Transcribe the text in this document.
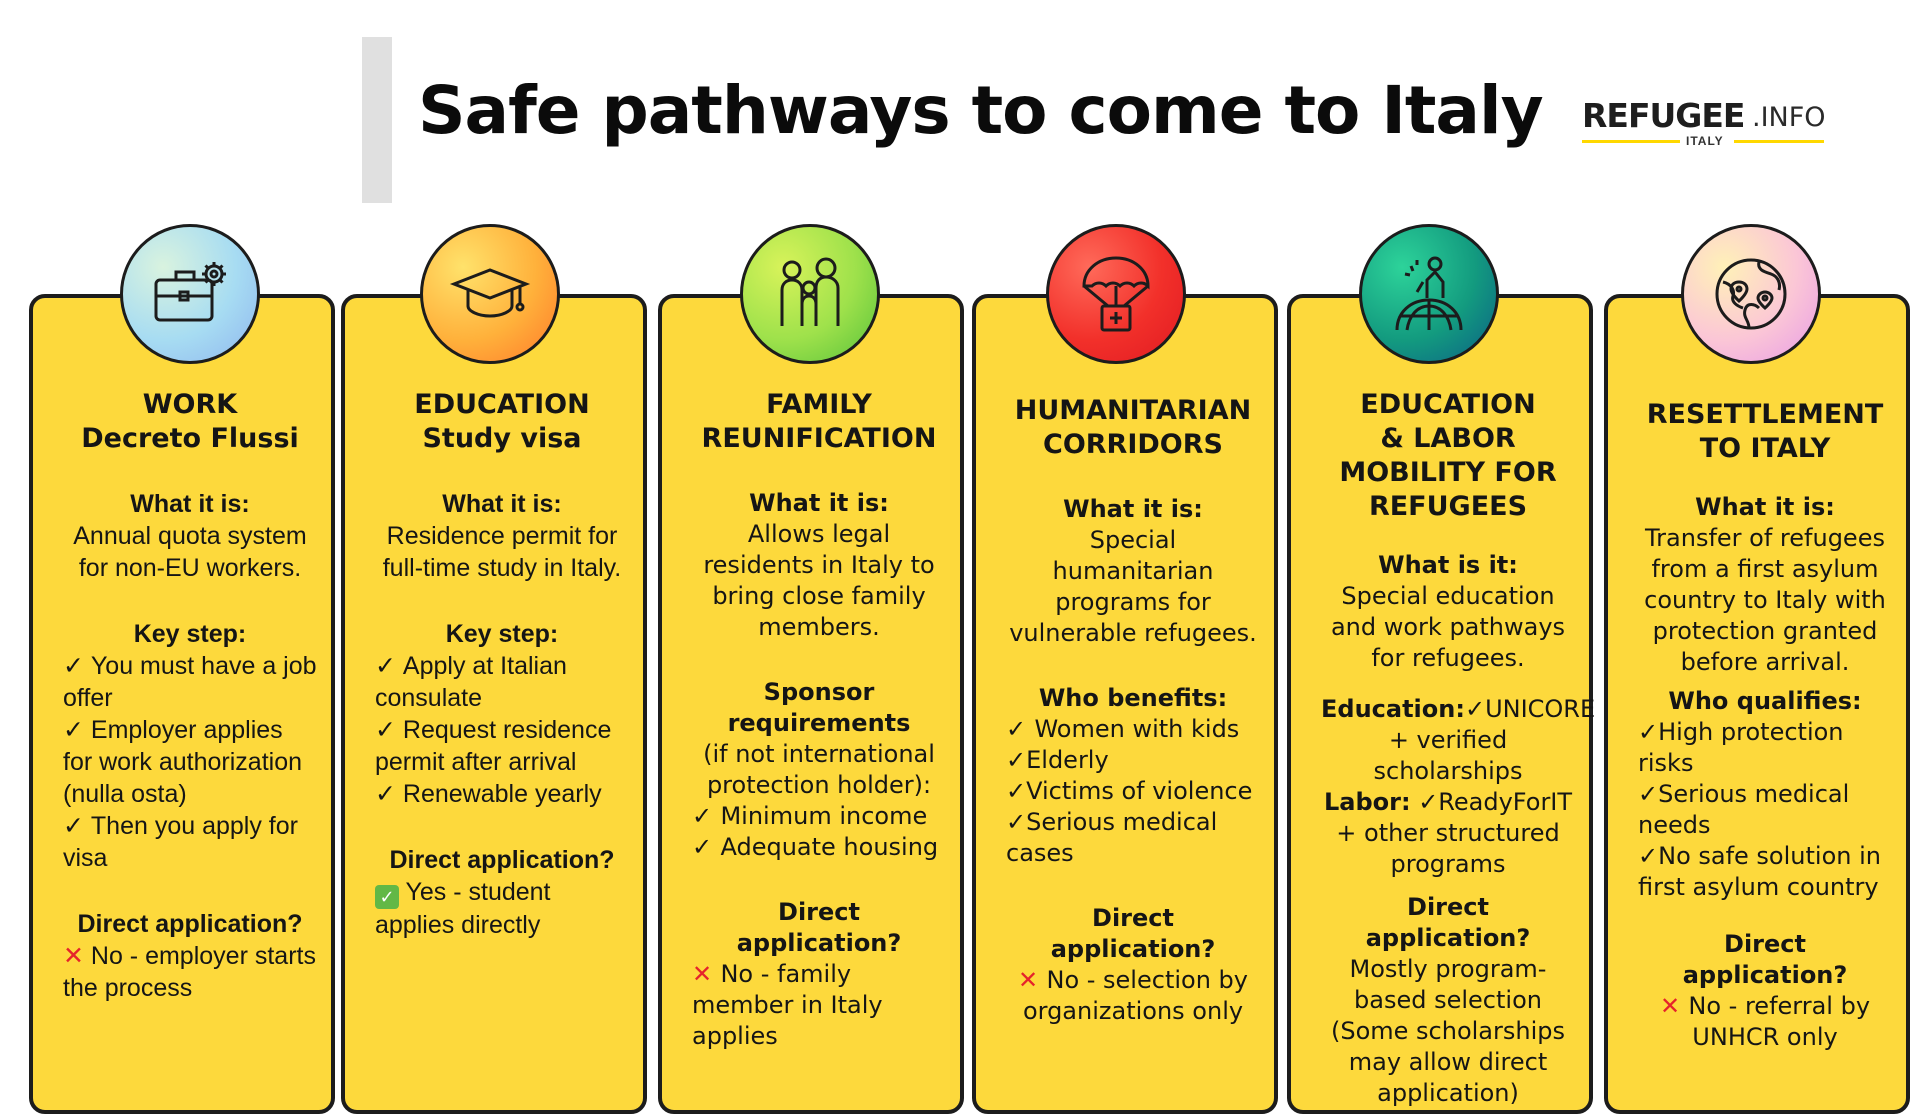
Safe pathways to come to Italy REFUGEE .INFO
ITALY
WORK
Decreto Flussi
What it is:
Annual quota system for non-EU workers.
Key step:
✓ You must have a job offer
✓ Employer applies for work authorization (nulla osta)
✓ Then you apply for visa
Direct application?
✕ No - employer starts the process
EDUCATION
Study visa
What it is:
Residence permit for full-time study in Italy.
Key step:
✓ Apply at Italian consulate
✓ Request residence permit after arrival
✓ Renewable yearly
Direct application?
✓ Yes - student applies directly
FAMILY
REUNIFICATION
What it is:
Allows legal residents in Italy to bring close family members.
Sponsor
requirements
(if not international protection holder):
✓ Minimum income
✓ Adequate housing
Direct application?
✕ No - family member in Italy applies
HUMANITARIAN
CORRIDORS
What it is:
Special humanitarian programs for vulnerable refugees.
Who benefits:
✓ Women with kids
✓Elderly
✓Victims of violence
✓Serious medical cases
Direct application?
✕ No - selection by organizations only
EDUCATION
& LABOR
MOBILITY FOR
REFUGEES
What is it:
Special education and work pathways for refugees.
Education:✓UNICORE + verified scholarships
Labor: ✓ReadyForIT + other structured programs
Direct application?
Mostly program-based selection (Some scholarships may allow direct application)
RESETTLEMENT
TO ITALY
What it is:
Transfer of refugees from a first asylum country to Italy with protection granted before arrival.
Who qualifies:
✓High protection risks
✓Serious medical needs
✓No safe solution in first asylum country
Direct application?
✕ No - referral by UNHCR only
